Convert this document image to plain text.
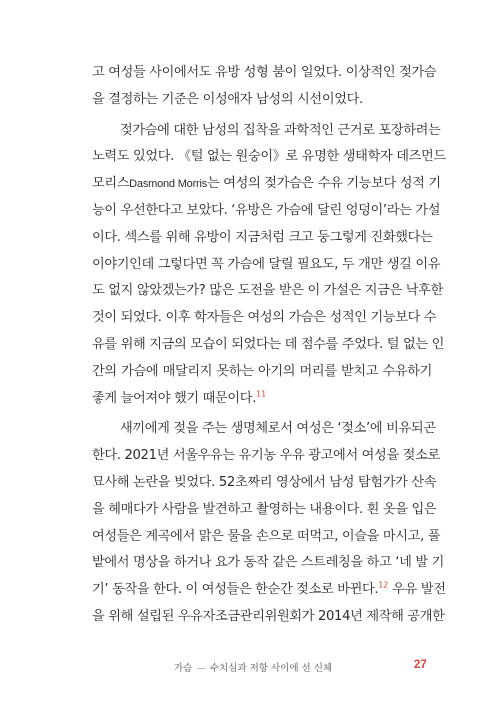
고 여성들 사이에서도 유방 성형 붐이 일었다. 이상적인 젖가슴
을 결정하는 기준은 이성애자 남성의 시선이었다.
젖가슴에 대한 남성의 집착을 과학적인 근거로 포장하려는
노력도 있었다. 《털 없는 원숭이》로 유명한 생태학자 데즈먼드
모리스Dasmond Morris는 여성의 젖가슴은 수유 기능보다 성적 기
능이 우선한다고 보았다. ‘유방은 가슴에 달린 엉덩이’라는 가설
이다. 섹스를 위해 유방이 지금처럼 크고 둥그렇게 진화했다는
이야기인데 그렇다면 꼭 가슴에 달릴 필요도, 두 개만 생길 이유
도 없지 않았겠는가? 많은 도전을 받은 이 가설은 지금은 낙후한
것이 되었다. 이후 학자들은 여성의 가슴은 성적인 기능보다 수
유를 위해 지금의 모습이 되었다는 데 점수를 주었다. 털 없는 인
간의 가슴에 매달리지 못하는 아기의 머리를 받치고 수유하기
좋게 늘어져야 했기 때문이다.$^{11}$
새끼에게 젖을 주는 생명체로서 여성은 ‘젖소’에 비유되곤
한다. 2021년 서울우유는 유기농 우유 광고에서 여성을 젖소로
묘사해 논란을 빚었다. 52초짜리 영상에서 남성 탐험가가 산속
을 헤매다가 사람을 발견하고 촬영하는 내용이다. 흰 옷을 입은
여성들은 계곡에서 맑은 물을 손으로 떠먹고, 이슬을 마시고, 풀
밭에서 명상을 하거나 요가 동작 같은 스트레칭을 하고 ‘네 발 기
기’ 동작을 한다. 이 여성들은 한순간 젖소로 바뀐다.$^{12}$ 우유 발전
을 위해 설립된 우유자조금관리위원회가 2014년 제작해 공개한
가슴 — 수치심과 저항 사이에 선 신체	27
